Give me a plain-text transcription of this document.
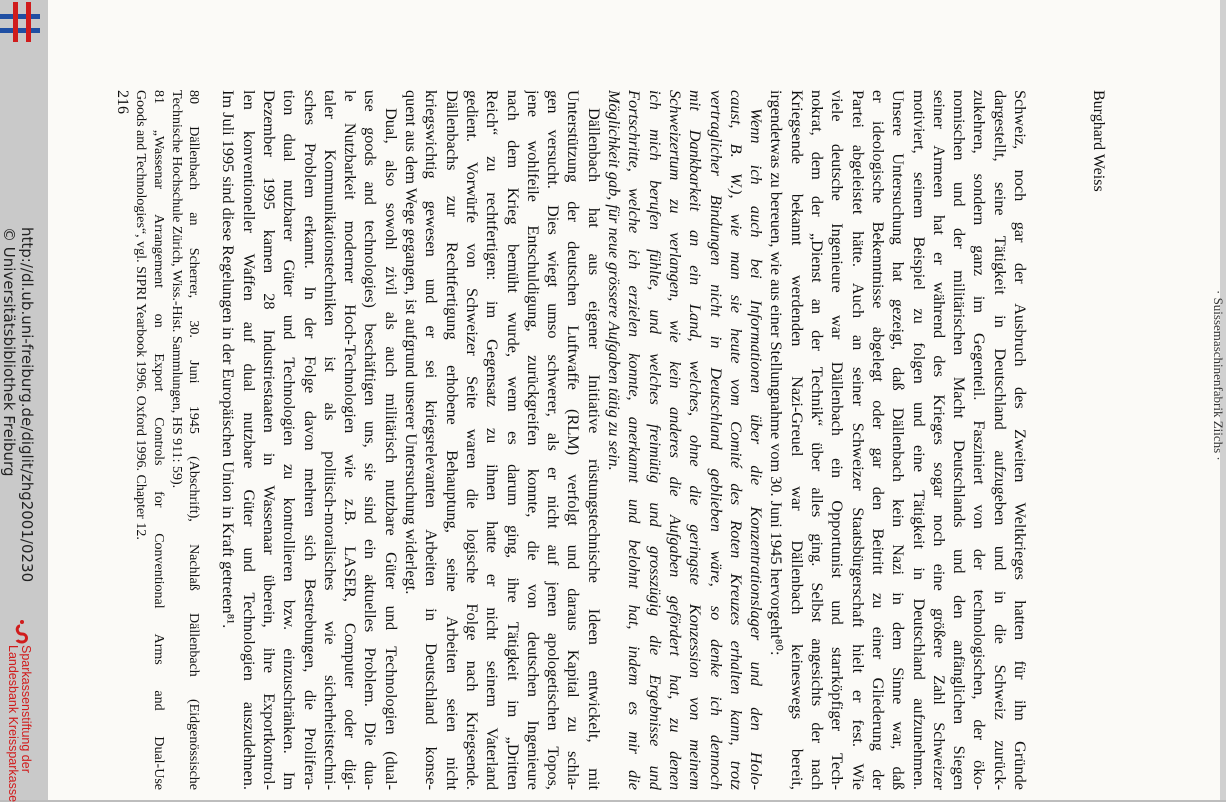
http://dl.ub.uni-freiburg.de/diglit/zhg2001/0230
© Universitätsbibliothek Freiburg
Sparkassenstiftung der
Landesbank Kreissparkasse
· Suissemaschinenfabrik Ziichs ·
Burghard Weiss
Schweiz, noch gar der Ausbruch des Zweiten Weltkrieges hatten für ihn Gründe
dargestellt, seine Tätigkeit in Deutschland aufzugeben und in die Schweiz zurück-
zukehren, sondern ganz im Gegenteil. Fasziniert von der technologischen, der öko-
nomischen und der militärischen Macht Deutschlands und den anfänglichen Siegen
seiner Armeen hat er während des Krieges sogar noch eine größere Zahl Schweizer
motiviert, seinem Beispiel zu folgen und eine Tätigkeit in Deutschland aufzunehmen.
Unsere Untersuchung hat gezeigt, daß Dällenbach kein Nazi in dem Sinne war, daß
er ideologische Bekenntnisse abgelegt oder gar den Beitritt zu einer Gliederung der
Partei abgeleistet hätte. Auch an seiner Schweizer Staatsbürgerschaft hielt er fest. Wie
viele deutsche Ingenieure war Dällenbach ein Opportunist und starrköpfiger Tech-
nokrat, dem der „Dienst an der Technik“ über alles ging. Selbst angesichts der nach
Kriegsende bekannt werdenden Nazi-Greuel war Dällenbach keineswegs bereit,
irgendetwas zu bereuen, wie aus einer Stellungnahme vom 30. Juni 1945 hervorgeht⁸⁰:
Wenn ich auch bei Informationen über die Konzentrationslager und den Holo-
caust, B. W.), wie man sie heute vom Comité des Roten Kreuzes erhalten kann, trotz
vertraglicher Bindungen nicht in Deutschland geblieben wäre, so denke ich dennoch
mit Dankbarkeit an ein Land, welches, ohne die geringste Konzession von meinem
Schweizertum zu verlangen, wie kein anderes die Aufgaben gefördert hat, zu denen
ich mich berufen fühlte, und welches freimütig und grosszügig die Ergebnisse und
Fortschritte, welche ich erzielen konnte, anerkannt und belohnt hat, indem es mir die
Möglichkeit gab, für neue grössere Aufgaben tätig zu sein.
Dällenbach hat aus eigener Initiative rüstungstechnische Ideen entwickelt, mit
Unterstützung der deutschen Luftwaffe (RLM) verfolgt und daraus Kapital zu schla-
gen versucht. Dies wiegt umso schwerer, als er nicht auf jenen apologetischen Topos,
jene wohlfeile Entschuldigung, zurückgreifen konnte, die von deutschen Ingenieure
nach dem Krieg bemüht wurde, wenn es darum ging, ihre Tätigkeit im „Dritten
Reich“ zu rechtfertigen: im Gegensatz zu ihnen hatte er nicht seinem Vaterland
gedient. Vorwürfe von Schweizer Seite waren die logische Folge nach Kriegsende.
Dällenbachs zur Rechtfertigung erhobene Behauptung, seine Arbeiten seien nicht
kriegswichtig gewesen und er sei kriegsrelevanten Arbeiten in Deutschland konse-
quent aus dem Wege gegangen, ist aufgrund unserer Untersuchung widerlegt.
Dual, also sowohl zivil als auch militärisch nutzbare Güter und Technologien (dual-
use goods and technologies) beschäftigen uns, sie sind ein aktuelles Problem. Die dua-
le Nutzbarkeit moderner Hoch-Technologien wie z.B. LASER, Computer oder digi-
taler Kommunikationstechniken ist als politisch-moralisches wie sicherheitstechni-
sches Problem erkannt. In der Folge davon mehren sich Bestrebungen, die Prolifera-
tion dual nutzbarer Güter und Technologien zu kontrollieren bzw. einzuschränken. Im
Dezember 1995 kamen 28 Industriestaaten in Wassenaar überein, ihre Exportkontrol-
len konventioneller Waffen auf dual nutzbare Güter und Technologien auszudehnen.
Im Juli 1995 sind diese Regelungen in der Europäischen Union in Kraft getreten⁸¹.
80 Dällenbach an Scherrer, 30. Juni 1945 (Abschrift), Nachlaß Dällenbach (Eidgenössische
Technische Hochschule Zürich, Wiss.-Hist. Sammlungen, HS 911: 59).
81 „Wassenar Arrangement on Export Controls for Conventional Arms and Dual-Use
Goods and Technologies“, vgl. SIPRI Yearbook 1996. Oxford 1996. Chapter 12.
216
